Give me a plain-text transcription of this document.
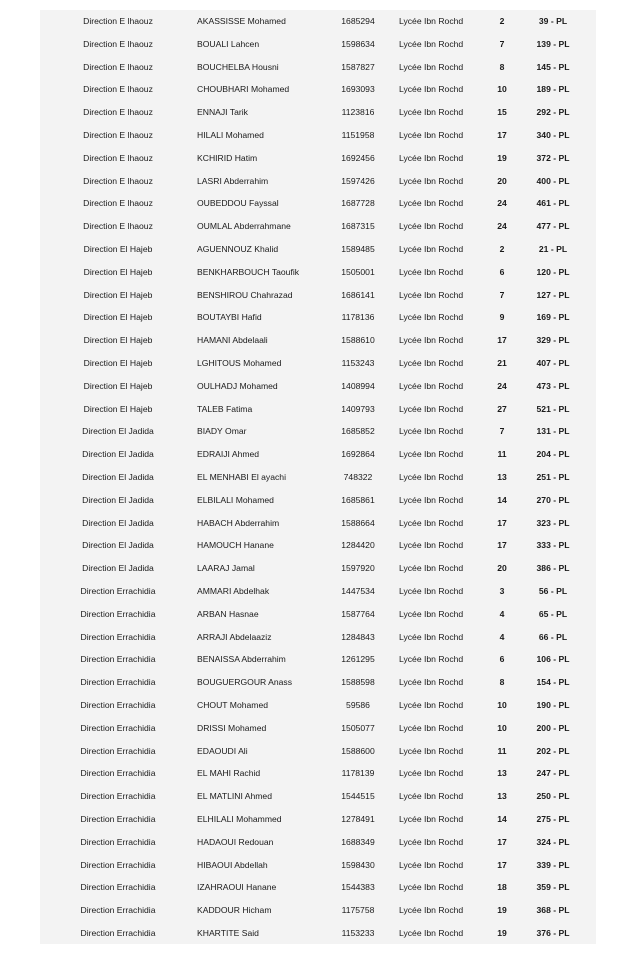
Direction E lhaouz	AKASSISSE Mohamed	1685294	Lycée Ibn Rochd	2	39 - PL
Direction E lhaouz	BOUALI Lahcen	1598634	Lycée Ibn Rochd	7	139 - PL
Direction E lhaouz	BOUCHELBA Housni	1587827	Lycée Ibn Rochd	8	145 - PL
Direction E lhaouz	CHOUBHARI Mohamed	1693093	Lycée Ibn Rochd	10	189 - PL
Direction E lhaouz	ENNAJI Tarik	1123816	Lycée Ibn Rochd	15	292 - PL
Direction E lhaouz	HILALI Mohamed	1151958	Lycée Ibn Rochd	17	340 - PL
Direction E lhaouz	KCHIRID Hatim	1692456	Lycée Ibn Rochd	19	372 - PL
Direction E lhaouz	LASRI Abderrahim	1597426	Lycée Ibn Rochd	20	400 - PL
Direction E lhaouz	OUBEDDOU Fayssal	1687728	Lycée Ibn Rochd	24	461 - PL
Direction E lhaouz	OUMLAL Abderrahmane	1687315	Lycée Ibn Rochd	24	477 - PL
Direction El Hajeb	AGUENNOUZ Khalid	1589485	Lycée Ibn Rochd	2	21 - PL
Direction El Hajeb	BENKHARBOUCH Taoufik	1505001	Lycée Ibn Rochd	6	120 - PL
Direction El Hajeb	BENSHIROU Chahrazad	1686141	Lycée Ibn Rochd	7	127 - PL
Direction El Hajeb	BOUTAYBI Hafid	1178136	Lycée Ibn Rochd	9	169 - PL
Direction El Hajeb	HAMANI Abdelaali	1588610	Lycée Ibn Rochd	17	329 - PL
Direction El Hajeb	LGHITOUS Mohamed	1153243	Lycée Ibn Rochd	21	407 - PL
Direction El Hajeb	OULHADJ Mohamed	1408994	Lycée Ibn Rochd	24	473 - PL
Direction El Hajeb	TALEB Fatima	1409793	Lycée Ibn Rochd	27	521 - PL
Direction El Jadida	BIADY Omar	1685852	Lycée Ibn Rochd	7	131 - PL
Direction El Jadida	EDRAIJI Ahmed	1692864	Lycée Ibn Rochd	11	204 - PL
Direction El Jadida	EL MENHABI El ayachi	748322	Lycée Ibn Rochd	13	251 - PL
Direction El Jadida	ELBILALI Mohamed	1685861	Lycée Ibn Rochd	14	270 - PL
Direction El Jadida	HABACH Abderrahim	1588664	Lycée Ibn Rochd	17	323 - PL
Direction El Jadida	HAMOUCH Hanane	1284420	Lycée Ibn Rochd	17	333 - PL
Direction El Jadida	LAARAJ Jamal	1597920	Lycée Ibn Rochd	20	386 - PL
Direction Errachidia	AMMARI Abdelhak	1447534	Lycée Ibn Rochd	3	56 - PL
Direction Errachidia	ARBAN Hasnae	1587764	Lycée Ibn Rochd	4	65 - PL
Direction Errachidia	ARRAJI Abdelaaziz	1284843	Lycée Ibn Rochd	4	66 - PL
Direction Errachidia	BENAISSA Abderrahim	1261295	Lycée Ibn Rochd	6	106 - PL
Direction Errachidia	BOUGUERGOUR Anass	1588598	Lycée Ibn Rochd	8	154 - PL
Direction Errachidia	CHOUT Mohamed	59586	Lycée Ibn Rochd	10	190 - PL
Direction Errachidia	DRISSI Mohamed	1505077	Lycée Ibn Rochd	10	200 - PL
Direction Errachidia	EDAOUDI Ali	1588600	Lycée Ibn Rochd	11	202 - PL
Direction Errachidia	EL MAHI Rachid	1178139	Lycée Ibn Rochd	13	247 - PL
Direction Errachidia	EL MATLINI Ahmed	1544515	Lycée Ibn Rochd	13	250 - PL
Direction Errachidia	ELHILALI Mohammed	1278491	Lycée Ibn Rochd	14	275 - PL
Direction Errachidia	HADAOUI Redouan	1688349	Lycée Ibn Rochd	17	324 - PL
Direction Errachidia	HIBAOUI Abdellah	1598430	Lycée Ibn Rochd	17	339 - PL
Direction Errachidia	IZAHRAOUI Hanane	1544383	Lycée Ibn Rochd	18	359 - PL
Direction Errachidia	KADDOUR Hicham	1175758	Lycée Ibn Rochd	19	368 - PL
Direction Errachidia	KHARTITE Said	1153233	Lycée Ibn Rochd	19	376 - PL
